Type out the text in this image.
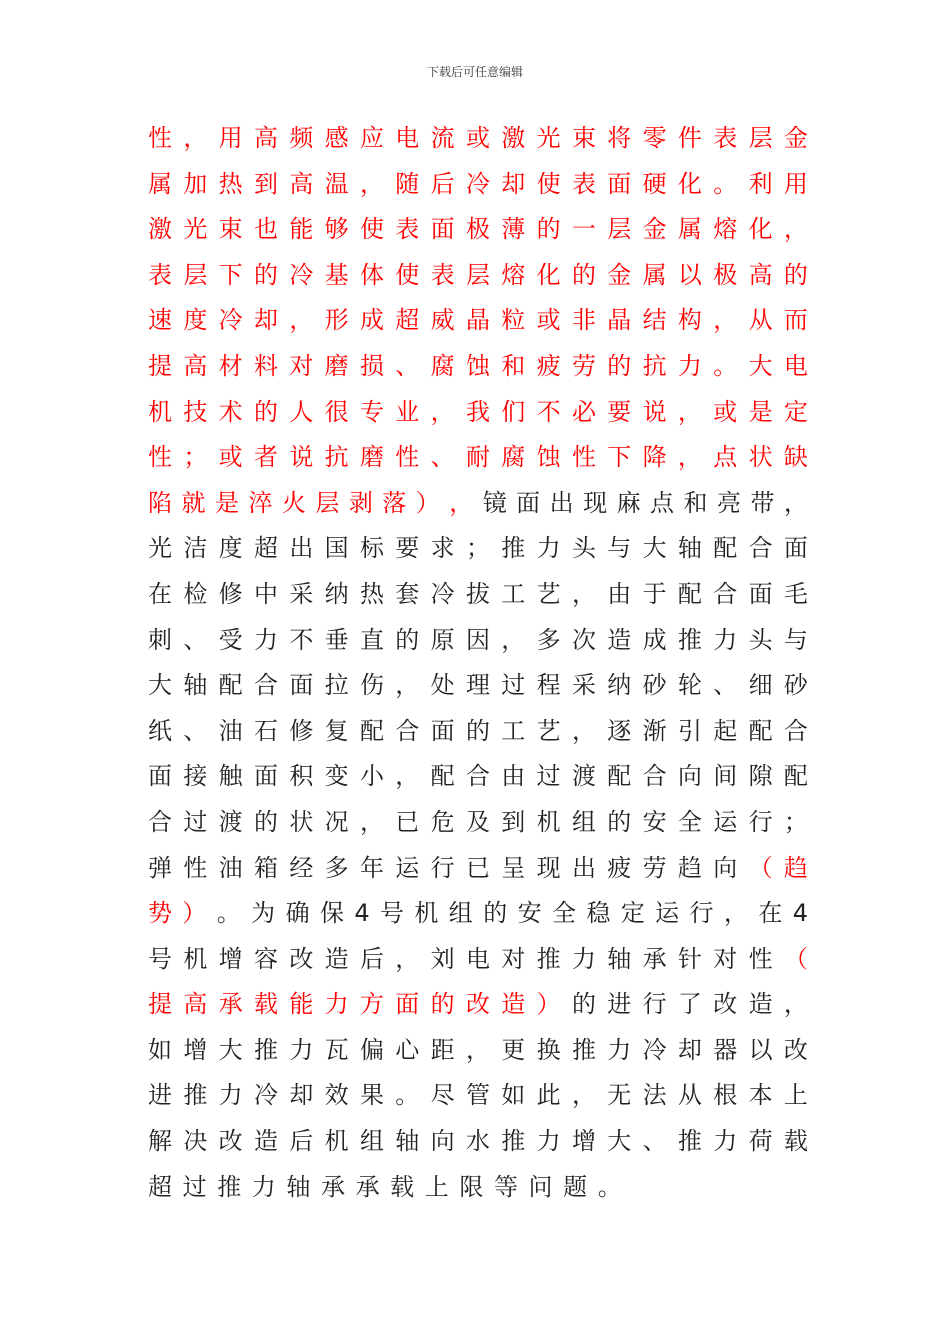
下载后可任意编辑
性 ， 用 高 频 感 应 电 流 或 激 光 束 将 零 件 表 层 金
属 加 热 到 高 温 ， 随 后 冷 却 使 表 面 硬 化 。 利 用
激 光 束 也 能 够 使 表 面 极 薄 的 一 层 金 属 熔 化 ，
表 层 下 的 冷 基 体 使 表 层 熔 化 的 金 属 以 极 高 的
速 度 冷 却 ， 形 成 超 威 晶 粒 或 非 晶 结 构 ， 从 而
提 高 材 料 对 磨 损 、 腐 蚀 和 疲 劳 的 抗 力 。 大 电
机 技 术 的 人 很 专 业 ， 我 们 不 必 要 说 ， 或 是 定
性 ； 或 者 说 抗 磨 性 、 耐 腐 蚀 性 下 降 ， 点 状 缺
陷 就 是 淬 火 层 剥 落 ） ， 镜 面 出 现 麻 点 和 亮 带 ，
光 洁 度 超 出 国 标 要 求 ； 推 力 头 与 大 轴 配 合 面
在 检 修 中 采 纳 热 套 冷 拔 工 艺 ， 由 于 配 合 面 毛
刺 、 受 力 不 垂 直 的 原 因 ， 多 次 造 成 推 力 头 与
大 轴 配 合 面 拉 伤 ， 处 理 过 程 采 纳 砂 轮 、 细 砂
纸 、 油 石 修 复 配 合 面 的 工 艺 ， 逐 渐 引 起 配 合
面 接 触 面 积 变 小 ， 配 合 由 过 渡 配 合 向 间 隙 配
合 过 渡 的 状 况 ， 已 危 及 到 机 组 的 安 全 运 行 ；
弹 性 油 箱 经 多 年 运 行 已 呈 现 出 疲 劳 趋 向 （ 趋
势 ） 。 为 确 保 4 号 机 组 的 安 全 稳 定 运 行 ， 在 4
号 机 增 容 改 造 后 ， 刘 电 对 推 力 轴 承 针 对 性 （
提 高 承 载 能 力 方 面 的 改 造 ） 的 进 行 了 改 造 ，
如 增 大 推 力 瓦 偏 心 距 ， 更 换 推 力 冷 却 器 以 改
进 推 力 冷 却 效 果 。 尽 管 如 此 ， 无 法 从 根 本 上
解 决 改 造 后 机 组 轴 向 水 推 力 增 大 、 推 力 荷 载
超 过 推 力 轴 承 承 载 上 限 等 问 题 。
